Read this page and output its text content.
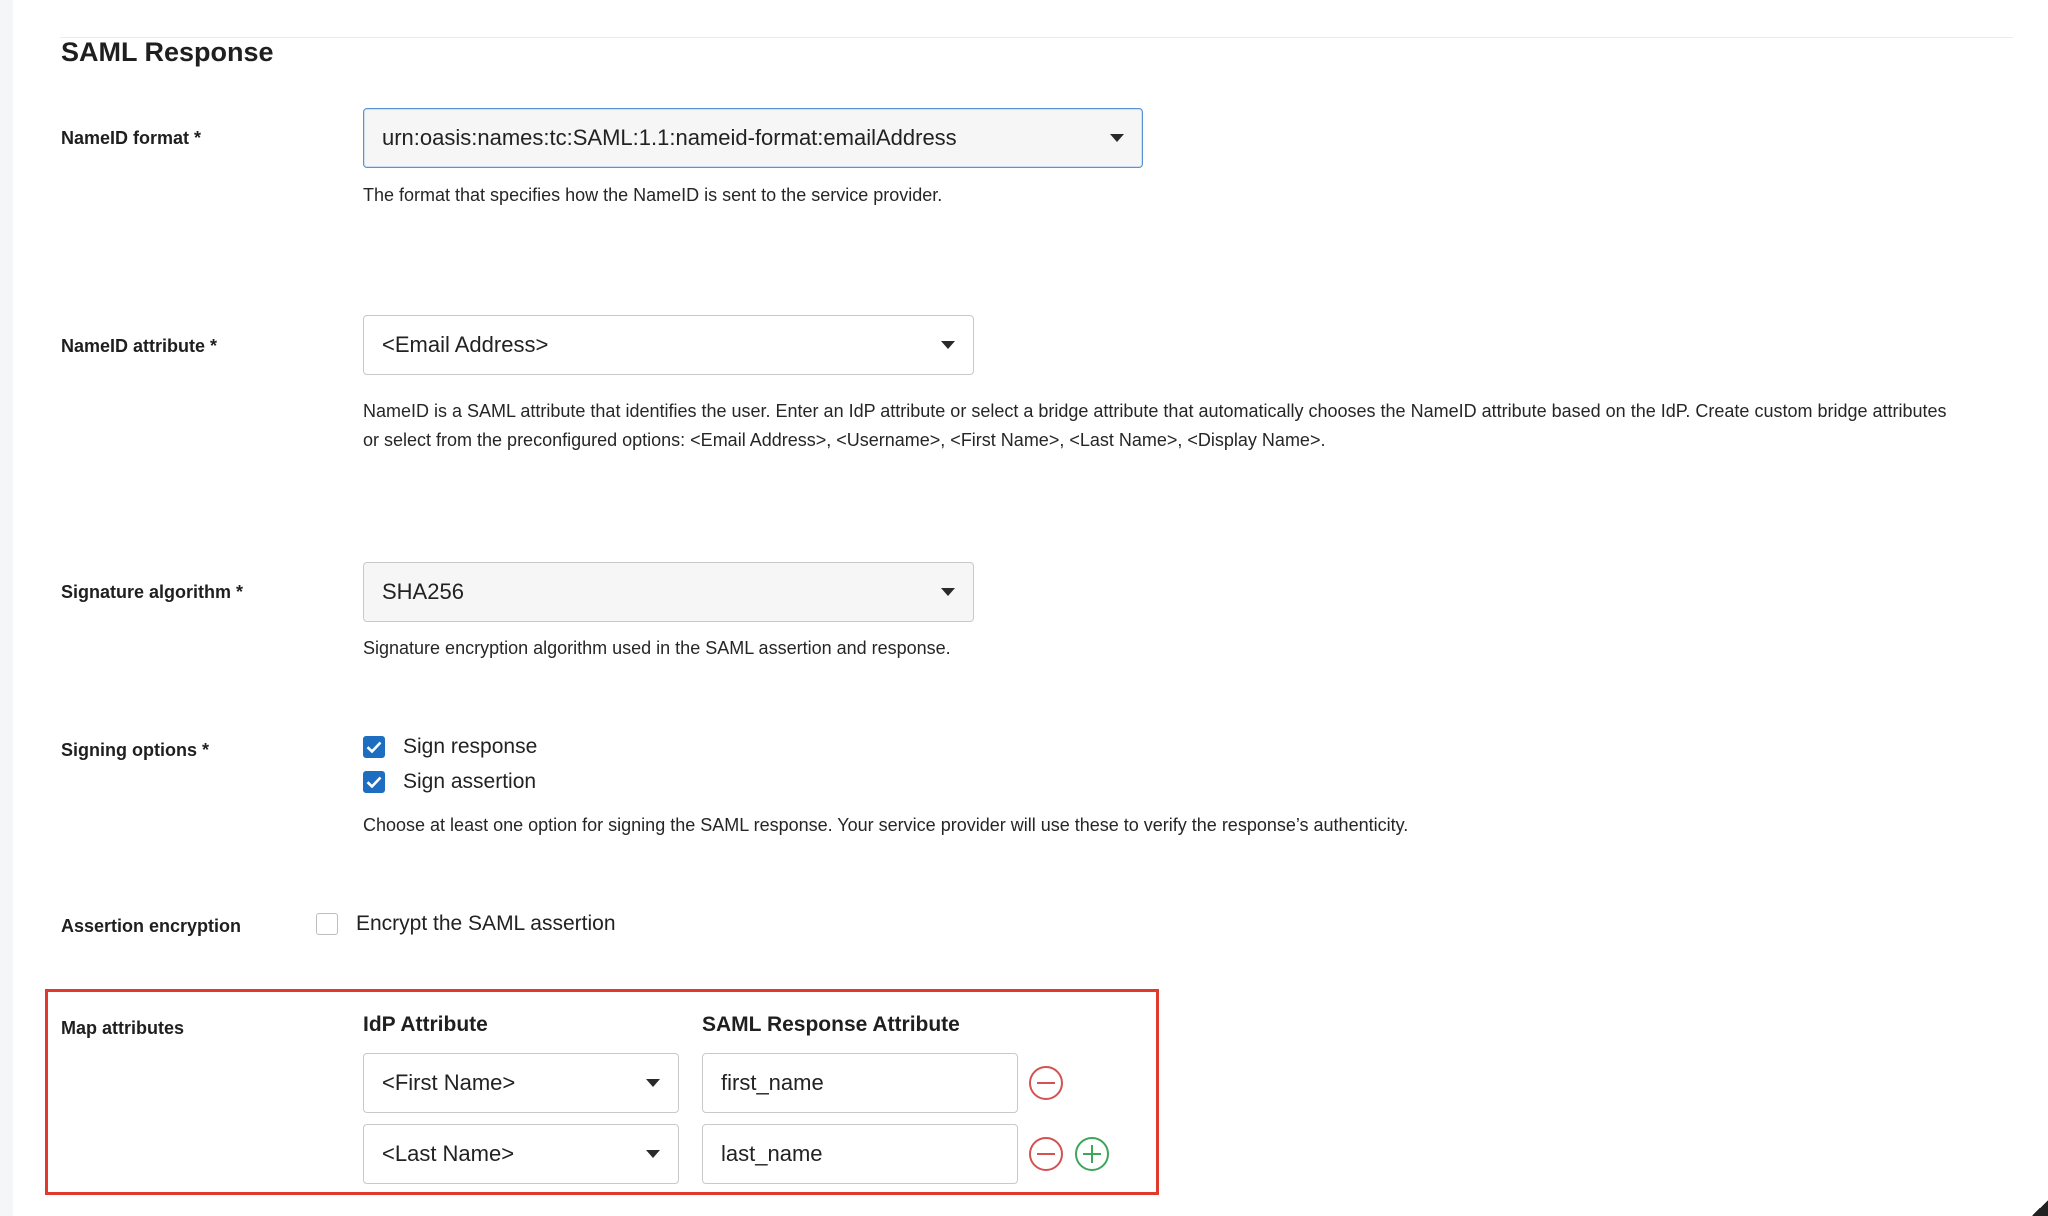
SAML Response
NameID format *	urn:oasis:names:tc:SAML:1.1:nameid-format:emailAddress
The format that specifies how the NameID is sent to the service provider.
NameID attribute *	<Email Address>
NameID is a SAML attribute that identifies the user. Enter an IdP attribute or select a bridge attribute that automatically chooses the NameID attribute based on the IdP. Create custom bridge attributes
or select from the preconfigured options: <Email Address>, <Username>, <First Name>, <Last Name>, <Display Name>.
Signature algorithm *	SHA256
Signature encryption algorithm used in the SAML assertion and response.
Signing options *	Sign response
Sign assertion
Choose at least one option for signing the SAML response. Your service provider will use these to verify the response’s authenticity.
Assertion encryption	Encrypt the SAML assertion
Map attributes	IdP Attribute	SAML Response Attribute
<First Name>	first_name
<Last Name>	last_name
